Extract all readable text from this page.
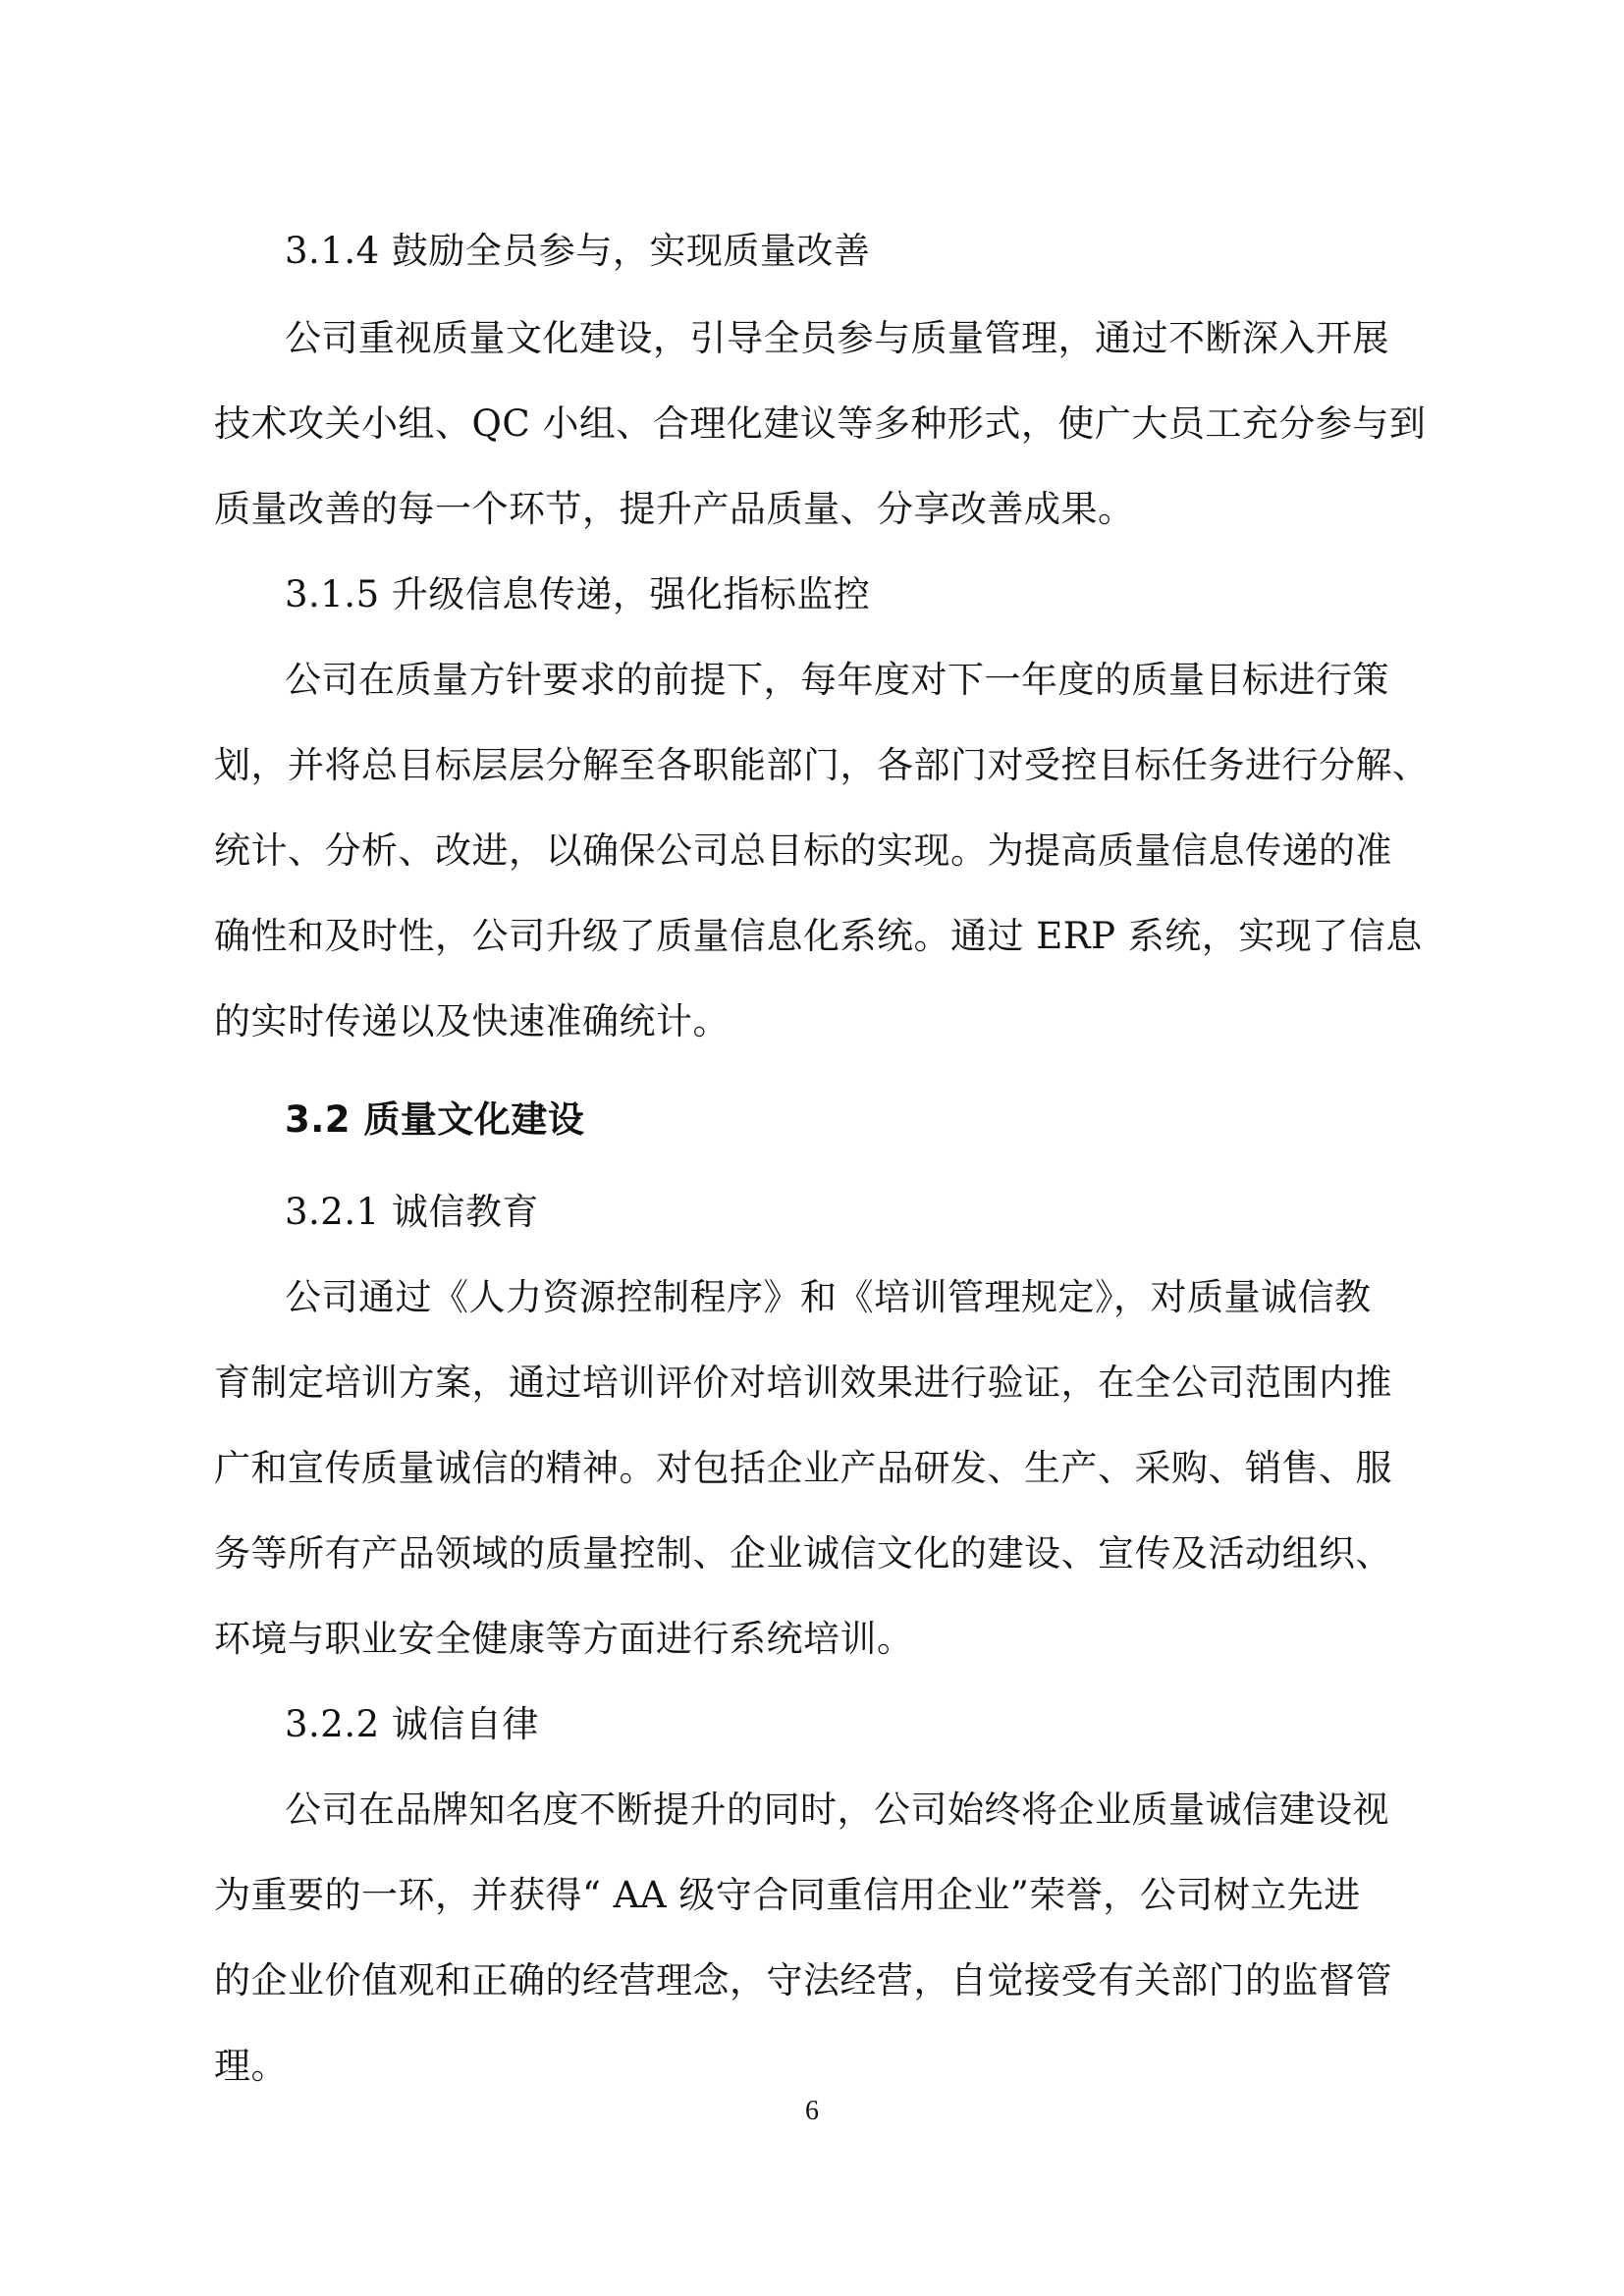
3.1.4 鼓励全员参与，实现质量改善
公司重视质量文化建设，引导全员参与质量管理，通过不断深入开展
技术攻关小组、QC 小组、合理化建议等多种形式，使广大员工充分参与到
质量改善的每一个环节，提升产品质量、分享改善成果。
3.1.5 升级信息传递，强化指标监控
公司在质量方针要求的前提下，每年度对下一年度的质量目标进行策
划，并将总目标层层分解至各职能部门，各部门对受控目标任务进行分解、
统计、分析、改进，以确保公司总目标的实现。为提高质量信息传递的准
确性和及时性，公司升级了质量信息化系统。通过 ERP 系统，实现了信息
的实时传递以及快速准确统计。
3.2 质量文化建设
3.2.1 诚信教育
公司通过《人力资源控制程序》和《培训管理规定》，对质量诚信教
育制定培训方案，通过培训评价对培训效果进行验证，在全公司范围内推
广和宣传质量诚信的精神。对包括企业产品研发、生产、采购、销售、服
务等所有产品领域的质量控制、企业诚信文化的建设、宣传及活动组织、
环境与职业安全健康等方面进行系统培训。
3.2.2 诚信自律
公司在品牌知名度不断提升的同时，公司始终将企业质量诚信建设视
为重要的一环，并获得“ AA 级守合同重信用企业”荣誉，公司树立先进
的企业价值观和正确的经营理念，守法经营，自觉接受有关部门的监督管
理。
6
